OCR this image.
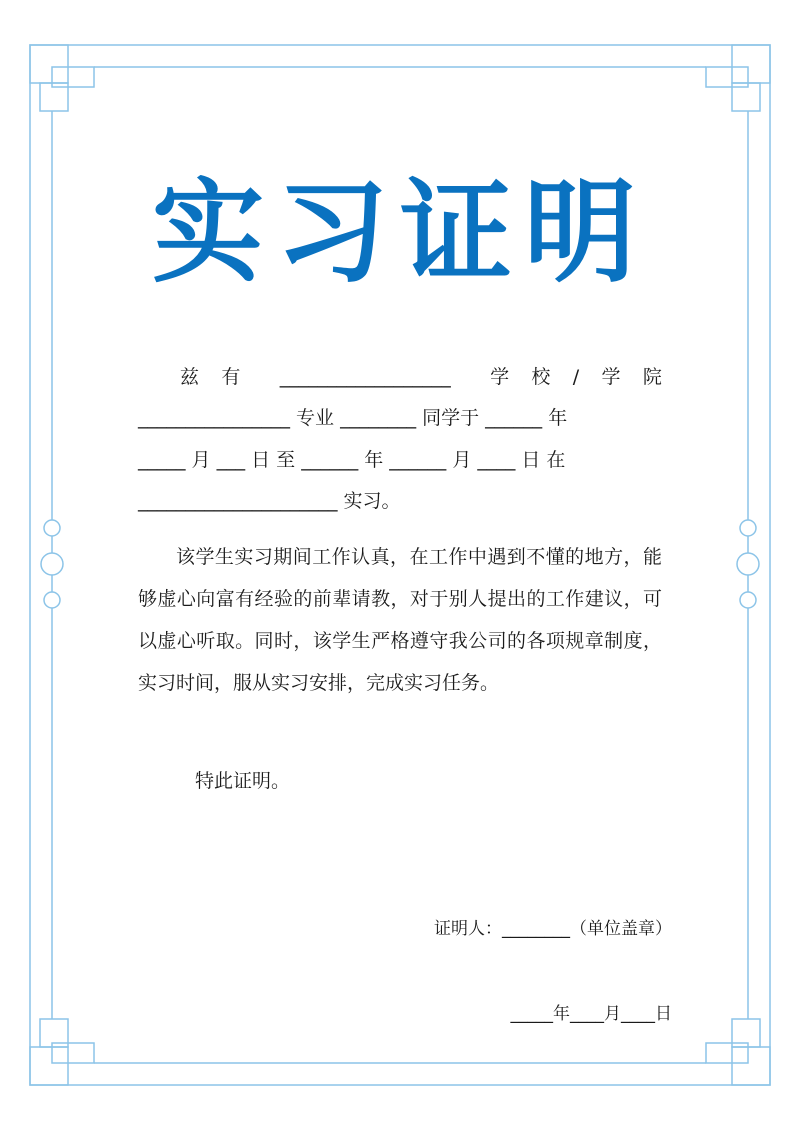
实习证明
兹 有	__________________	学 校 / 学 院
________________ 专业 ________ 同学于 ______ 年
_____ 月 ___ 日 至 ______ 年 ______ 月 ____ 日 在
_____________________ 实习。
该学生实习期间工作认真，在工作中遇到不懂的地方，能够虚心向富有经验的前辈请教，对于别人提出的工作建议，可以虚心听取。同时，该学生严格遵守我公司的各项规章制度，实习时间，服从实习安排，完成实习任务。
特此证明。
证明人：________（单位盖章）
_____年____月____日
